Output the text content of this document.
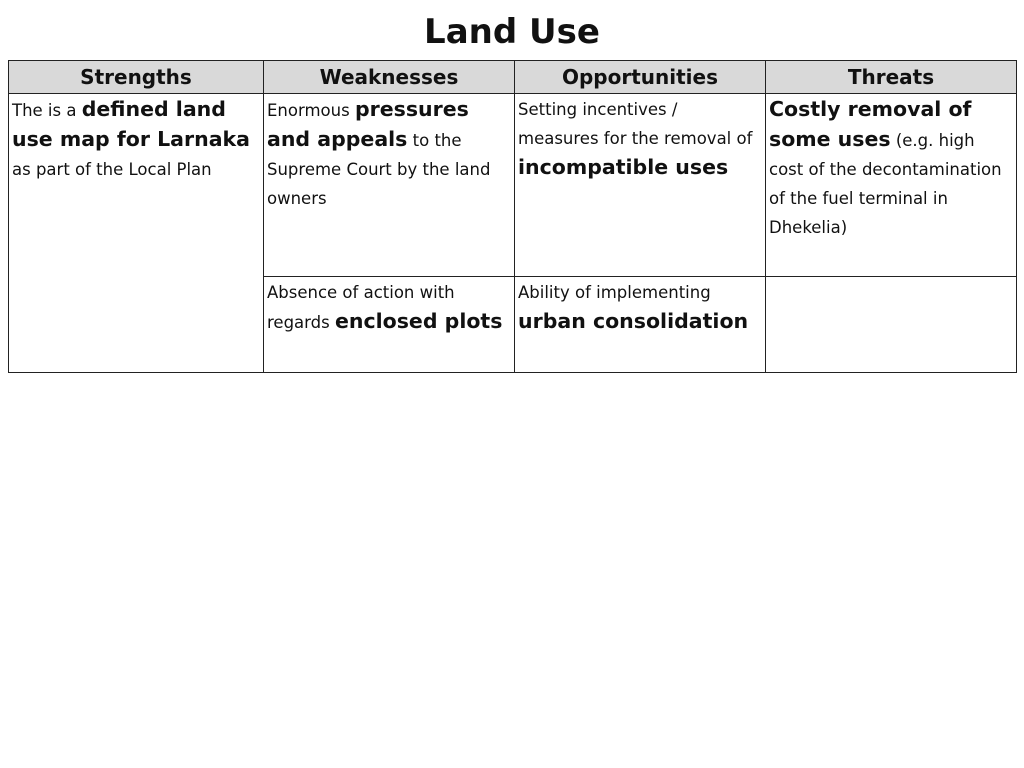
Land Use
Strengths	Weaknesses	Opportunities	Threats
The is a defined land use map for Larnaka as part of the Local Plan	Enormous pressures and appeals to the Supreme Court by the land owners	Setting incentives / measures for the removal of incompatible uses	Costly removal of some uses (e.g. high cost of the decontamination of the fuel terminal in Dhekelia)
	Absence of action with regards enclosed plots	Ability of implementing urban consolidation	
